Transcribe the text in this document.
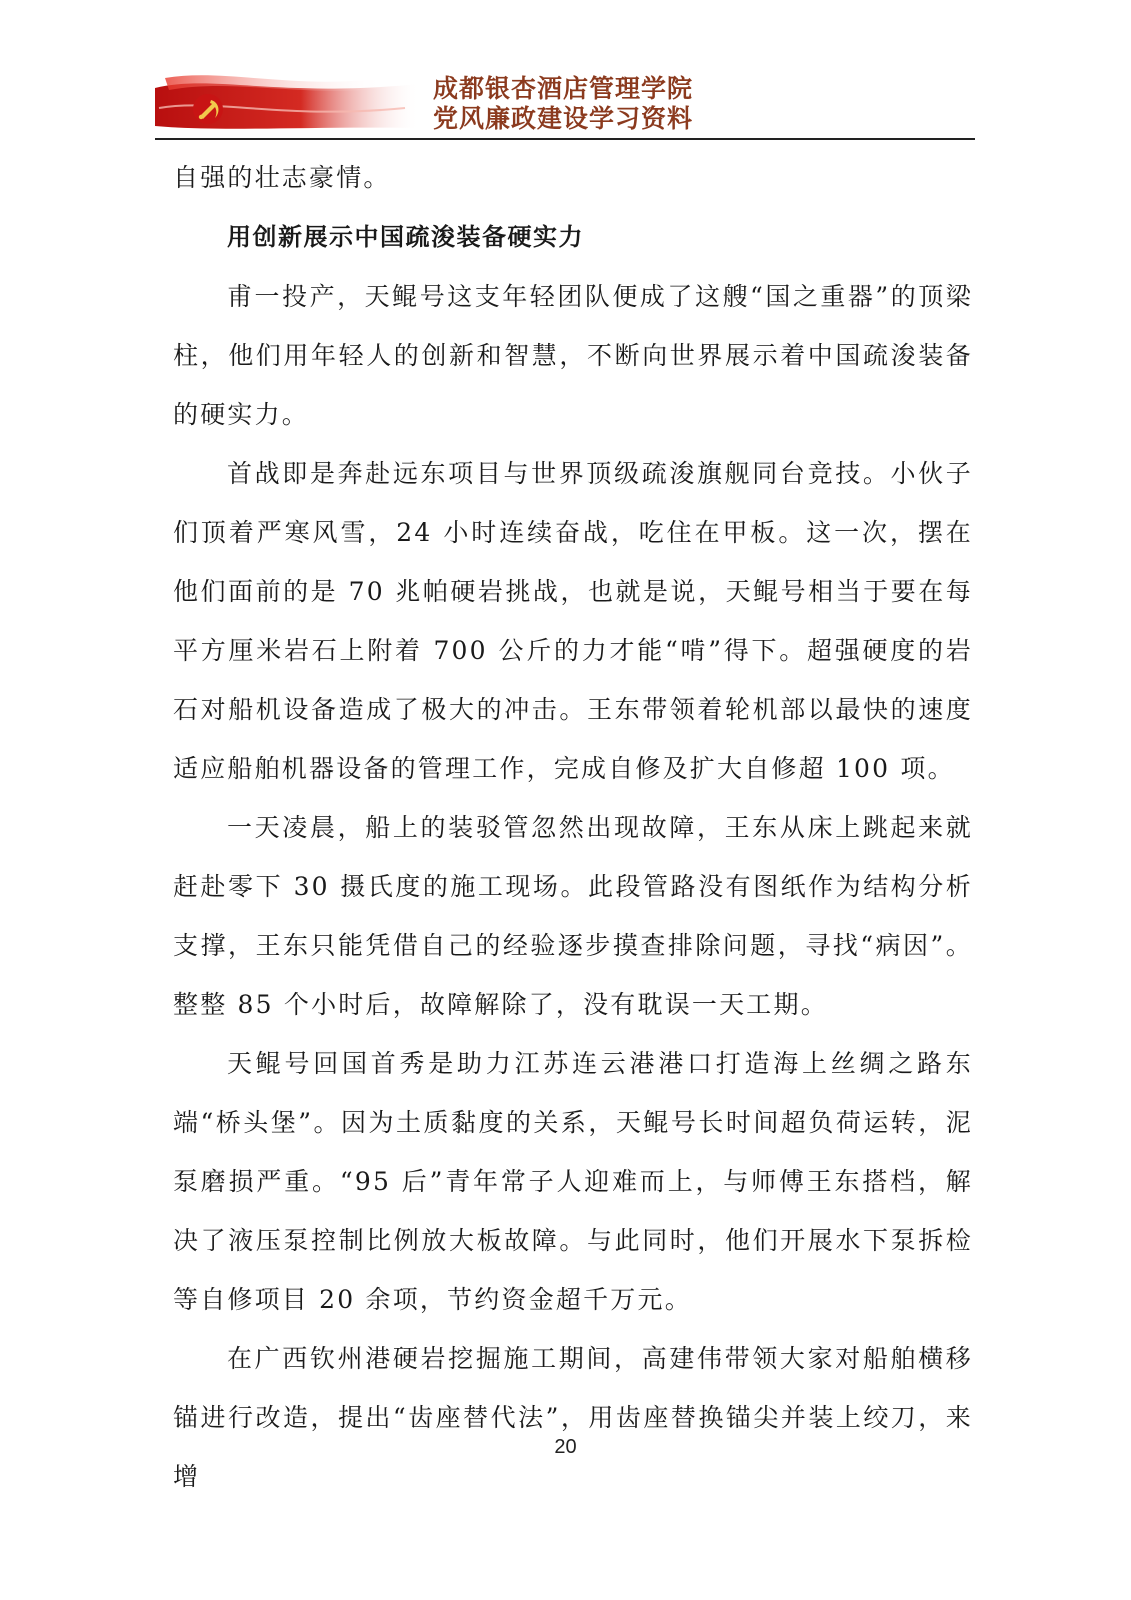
成都银杏酒店管理学院
党风廉政建设学习资料

自强的壮志豪情。

用创新展示中国疏浚装备硬实力

甫一投产，天鲲号这支年轻团队便成了这艘“国之重器”的顶梁柱，他们用年轻人的创新和智慧，不断向世界展示着中国疏浚装备的硬实力。

首战即是奔赴远东项目与世界顶级疏浚旗舰同台竞技。小伙子们顶着严寒风雪，24 小时连续奋战，吃住在甲板。这一次，摆在他们面前的是 70 兆帕硬岩挑战，也就是说，天鲲号相当于要在每平方厘米岩石上附着 700 公斤的力才能“啃”得下。超强硬度的岩石对船机设备造成了极大的冲击。王东带领着轮机部以最快的速度适应船舶机器设备的管理工作，完成自修及扩大自修超 100 项。

一天凌晨，船上的装驳管忽然出现故障，王东从床上跳起来就赶赴零下 30 摄氏度的施工现场。此段管路没有图纸作为结构分析支撑，王东只能凭借自己的经验逐步摸查排除问题，寻找“病因”。整整 85 个小时后，故障解除了，没有耽误一天工期。

天鲲号回国首秀是助力江苏连云港港口打造海上丝绸之路东端“桥头堡”。因为土质黏度的关系，天鲲号长时间超负荷运转，泥泵磨损严重。“95 后”青年常子人迎难而上，与师傅王东搭档，解决了液压泵控制比例放大板故障。与此同时，他们开展水下泵拆检等自修项目 20 余项，节约资金超千万元。

在广西钦州港硬岩挖掘施工期间，高建伟带领大家对船舶横移锚进行改造，提出“齿座替代法”，用齿座替换锚尖并装上绞刀，来增

20
